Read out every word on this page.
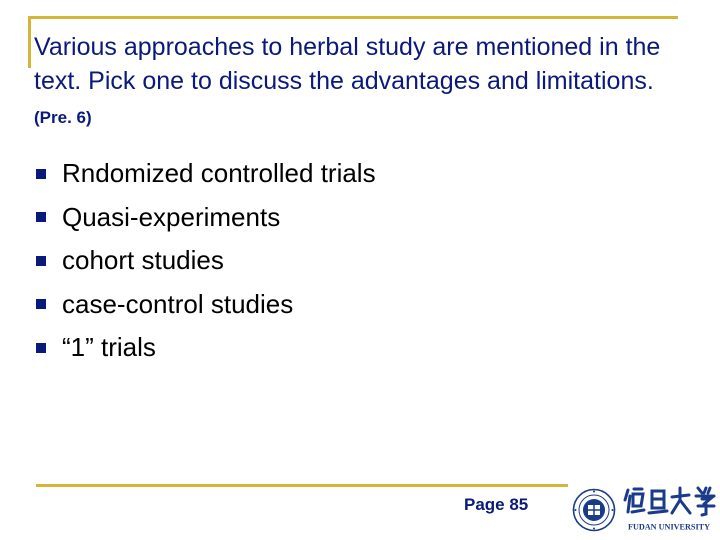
Various approaches to herbal study are mentioned in the text. Pick one to discuss the advantages and limitations. (Pre. 6)
Rndomized controlled trials
Quasi-experiments
cohort studies
case-control studies
“1” trials
Page 85
FUDAN UNIVERSITY
